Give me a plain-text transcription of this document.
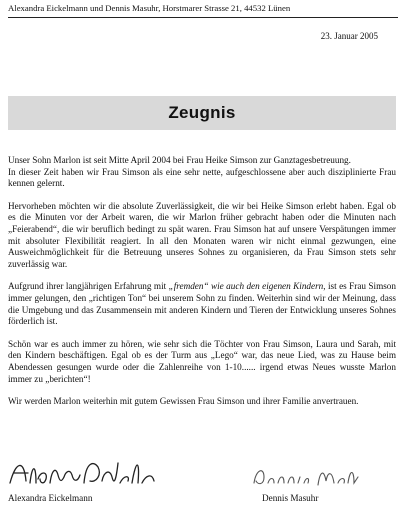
Alexandra Eickelmann und Dennis Masuhr, Horstmarer Strasse 21, 44532 Lünen
23. Januar 2005
Zeugnis

Unser Sohn Marlon ist seit Mitte April 2004 bei Frau Heike Simson zur Ganztagesbetreuung.
In dieser Zeit haben wir Frau Simson als eine sehr nette, aufgeschlossene aber auch disziplinierte Frau kennen gelernt.

Hervorheben möchten wir die absolute Zuverlässigkeit, die wir bei Heike Simson erlebt haben. Egal ob es die Minuten vor der Arbeit waren, die wir Marlon früher gebracht haben oder die Minuten nach „Feierabend“, die wir beruflich bedingt zu spät waren. Frau Simson hat auf unsere Verspätungen immer mit absoluter Flexibilität reagiert. In all den Monaten waren wir nicht einmal gezwungen, eine Ausweichmöglichkeit für die Betreuung unseres Sohnes zu organisieren, da Frau Simson stets sehr zuverlässig war.

Aufgrund ihrer langjährigen Erfahrung mit „fremden“ wie auch den eigenen Kindern, ist es Frau Simson immer gelungen, den „richtigen Ton“ bei unserem Sohn zu finden. Weiterhin sind wir der Meinung, dass die Umgebung und das Zusammensein mit anderen Kindern und Tieren der Entwicklung unseres Sohnes förderlich ist.

Schön war es auch immer zu hören, wie sehr sich die Töchter von Frau Simson, Laura und Sarah, mit den Kindern beschäftigen. Egal ob es der Turm aus „Lego“ war, das neue Lied, was zu Hause beim Abendessen gesungen wurde oder die Zahlenreihe von 1-10...... irgend etwas Neues wusste Marlon immer zu „berichten“!

Wir werden Marlon weiterhin mit gutem Gewissen Frau Simson und ihrer Familie anvertrauen.

Alexandra Eickelmann	Dennis Masuhr
